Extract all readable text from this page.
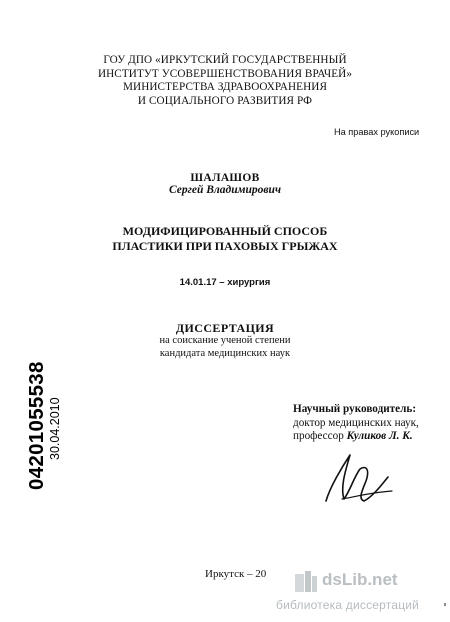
ГОУ ДПО «ИРКУТСКИЙ ГОСУДАРСТВЕННЫЙ
ИНСТИТУТ УСОВЕРШЕНСТВОВАНИЯ ВРАЧЕЙ»
МИНИСТЕРСТВА ЗДРАВООХРАНЕНИЯ
И СОЦИАЛЬНОГО РАЗВИТИЯ РФ
На правах рукописи
ШАЛАШОВ
Сергей Владимирович
МОДИФИЦИРОВАННЫЙ СПОСОБ
ПЛАСТИКИ ПРИ ПАХОВЫХ ГРЫЖАХ
14.01.17 – хирургия
ДИССЕРТАЦИЯ
на соискание ученой степени
кандидата медицинских наук
Научный руководитель:
доктор медицинских наук,
профессор Куликов Л. К.
Иркутск – 20
04201055538 30.04.2010
dsLib.net
библиотека диссертаций
